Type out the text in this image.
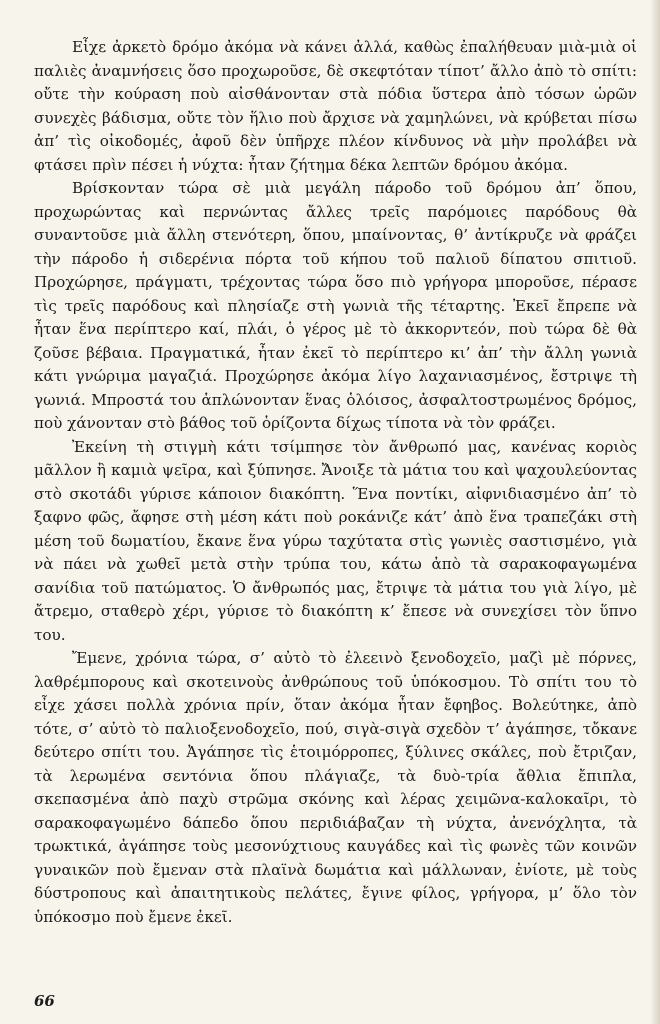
Εἶχε ἀρκετὸ δρόμο ἀκόμα νὰ κάνει ἀλλά, καθὼς ἐπαλήθευαν μιὰ-μιὰ οἱ παλιὲς ἀναμνήσεις ὅσο προχωροῦσε, δὲ σκεφτόταν τίποτ’ ἄλλο ἀπὸ τὸ σπίτι: οὔτε τὴν κούραση ποὺ αἰσθάνονταν στὰ πόδια ὕστερα ἀπὸ τόσων ὡρῶν συνεχὲς βάδισμα, οὔτε τὸν ἥλιο ποὺ ἄρχισε νὰ χαμηλώνει, νὰ κρύβεται πίσω ἀπ’ τὶς οἰκοδομές, ἀφοῦ δὲν ὑπῆρχε πλέον κίνδυνος νὰ μὴν προλάβει νὰ φτάσει πρὶν πέσει ἡ νύχτα: ἦταν ζήτημα δέκα λεπτῶν δρόμου ἀκόμα.

Βρίσκονταν τώρα σὲ μιὰ μεγάλη πάροδο τοῦ δρόμου ἀπ’ ὅπου, προχωρώντας καὶ περνώντας ἄλλες τρεῖς παρόμοιες παρόδους θὰ συναντοῦσε μιὰ ἄλλη στενότερη, ὅπου, μπαίνοντας, θ’ ἀντίκρυζε νὰ φράζει τὴν πάροδο ἡ σιδερένια πόρτα τοῦ κήπου τοῦ παλιοῦ δίπατου σπιτιοῦ. Προχώρησε, πράγματι, τρέχοντας τώρα ὅσο πιὸ γρήγορα μποροῦσε, πέρασε τὶς τρεῖς παρόδους καὶ πλησίαζε στὴ γωνιὰ τῆς τέταρτης. Ἐκεῖ ἔπρεπε νὰ ἦταν ἕνα περίπτερο καί, πλάι, ὁ γέρος μὲ τὸ ἀκκορντεόν, ποὺ τώρα δὲ θὰ ζοῦσε βέβαια. Πραγματικά, ἦταν ἐκεῖ τὸ περίπτερο κι’ ἀπ’ τὴν ἄλλη γωνιὰ κάτι γνώριμα μαγαζιά. Προχώρησε ἀκόμα λίγο λαχανιασμένος, ἔστριψε τὴ γωνιά. Μπροστά του ἁπλώνονταν ἕνας ὁλόισος, ἀσφαλτοστρωμένος δρόμος, ποὺ χάνονταν στὸ βάθος τοῦ ὁρίζοντα δίχως τίποτα νὰ τὸν φράζει.

Ἐκείνη τὴ στιγμὴ κάτι τσίμπησε τὸν ἄνθρωπό μας, κανένας κοριὸς μᾶλλον ἢ καμιὰ ψεῖρα, καὶ ξύπνησε. Ἄνοιξε τὰ μάτια του καὶ ψαχουλεύοντας στὸ σκοτάδι γύρισε κάποιον διακόπτη. Ἕνα ποντίκι, αἰφνιδιασμένο ἀπ’ τὸ ξαφνο φῶς, ἄφησε στὴ μέση κάτι ποὺ ροκάνιζε κάτ’ ἀπὸ ἕνα τραπεζάκι στὴ μέση τοῦ δωματίου, ἔκανε ἕνα γύρω ταχύτατα στὶς γωνιὲς σαστισμένο, γιὰ νὰ πάει νὰ χωθεῖ μετὰ στὴν τρύπα του, κάτω ἀπὸ τὰ σαρακοφαγωμένα σανίδια τοῦ πατώματος. Ὁ ἄνθρωπός μας, ἔτριψε τὰ μάτια του γιὰ λίγο, μὲ ἄτρεμο, σταθερὸ χέρι, γύρισε τὸ διακόπτη κ’ ἔπεσε νὰ συνεχίσει τὸν ὕπνο του.

Ἔμενε, χρόνια τώρα, σ’ αὐτὸ τὸ ἐλεεινὸ ξενοδοχεῖο, μαζὶ μὲ πόρνες, λαθρέμπορους καὶ σκοτεινοὺς ἀνθρώπους τοῦ ὑπόκοσμου. Τὸ σπίτι του τὸ εἶχε χάσει πολλὰ χρόνια πρίν, ὅταν ἀκόμα ἦταν ἔφηβος. Βολεύτηκε, ἀπὸ τότε, σ’ αὐτὸ τὸ παλιοξενοδοχεῖο, πού, σιγὰ-σιγὰ σχεδὸν τ’ ἀγάπησε, τὄκανε δεύτερο σπίτι του. Ἀγάπησε τὶς ἑτοιμόρροπες, ξύλινες σκάλες, ποὺ ἔτριζαν, τὰ λερωμένα σεντόνια ὅπου πλάγιαζε, τὰ δυὸ-τρία ἄθλια ἔπιπλα, σκεπασμένα ἀπὸ παχὺ στρῶμα σκόνης καὶ λέρας χειμῶνα-καλοκαῖρι, τὸ σαρακοφαγωμένο δάπεδο ὅπου περιδιάβαζαν τὴ νύχτα, ἀνενόχλητα, τὰ τρωκτικά, ἀγάπησε τοὺς μεσονύχτιους καυγάδες καὶ τὶς φωνὲς τῶν κοινῶν γυναικῶν ποὺ ἔμεναν στὰ πλαϊνὰ δωμάτια καὶ μάλλωναν, ἐνίοτε, μὲ τοὺς δύστροπους καὶ ἀπαιτητικοὺς πελάτες, ἔγινε φίλος, γρήγορα, μ’ ὅλο τὸν ὑπόκοσμο ποὺ ἔμενε ἐκεῖ.

66
